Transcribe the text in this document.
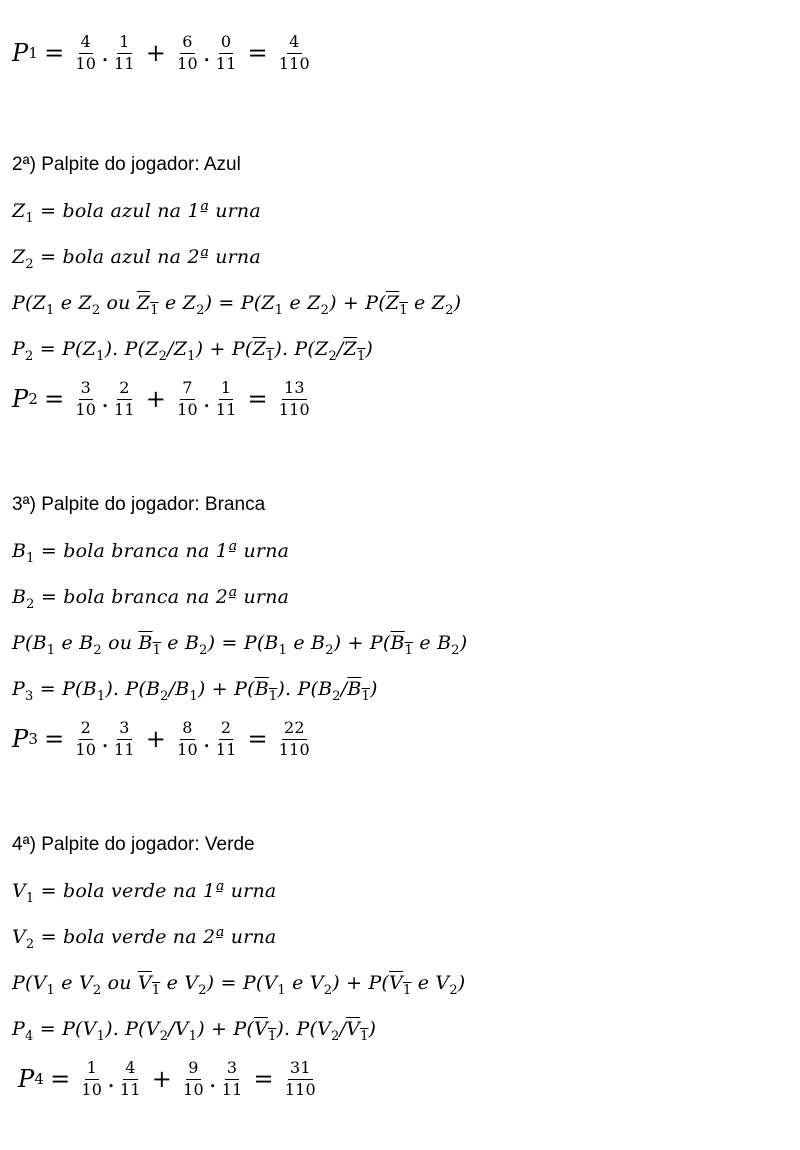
P $1 = \frac{4}{10}$ . $\frac{1}{11} + \frac{6}{10}$ . $\frac{0}{11} = \frac{4}{110}$
2ª) Palpite do jogador: Azul
$Z_1$ = bola azul na 1ª urna
$Z_2$ = bola azul na 2ª urna
$P(Z_1$ e $Z_2$ ou $Z_1$ e $Z_2) = P(Z_1$ e $Z_2) + P(Z_1$ e $Z_2$)
$P_2 = P(Z_1)$. $P(Z_2/Z_1) + P(Z_1)$. $P(Z_2/Z_1)$
P $2 = \frac{3}{10}$ . $\frac{2}{11} + \frac{7}{10}$ . $\frac{1}{11} = \frac{13}{110}$
3ª) Palpite do jogador: Branca
$B_1$ = bola branca na 1ª urna
$B_2$ = bola branca na 2ª urna
$P(B_1$ e $B_2$ ou $B_1$ e $B_2) = P(B_1$ e $B_2) + P(B_1$ e $B_2$)
$P_3 = P(B_1)$. $P(B_2/B_1) + P(B_1)$. $P(B_2/B_1)$
P $3 = \frac{2}{10}$ . $\frac{3}{11} + \frac{8}{10}$ . $\frac{2}{11} = \frac{22}{110}$
4ª) Palpite do jogador: Verde
$V_1$ = bola verde na 1ª urna
$V_2$ = bola verde na 2ª urna
$P(V_1$ e $V_2$ ou $V_1$ e $V_2) = P(V_1$ e $V_2) + P(V_1$ e $V_2$)
$P_4 = P(V_1)$. $P(V_2/V_1) + P(V_1)$. $P(V_2/V_1)$
P $4 = \frac{1}{10}$ . $\frac{4}{11} + \frac{9}{10}$ . $\frac{3}{11} = \frac{31}{110}$
